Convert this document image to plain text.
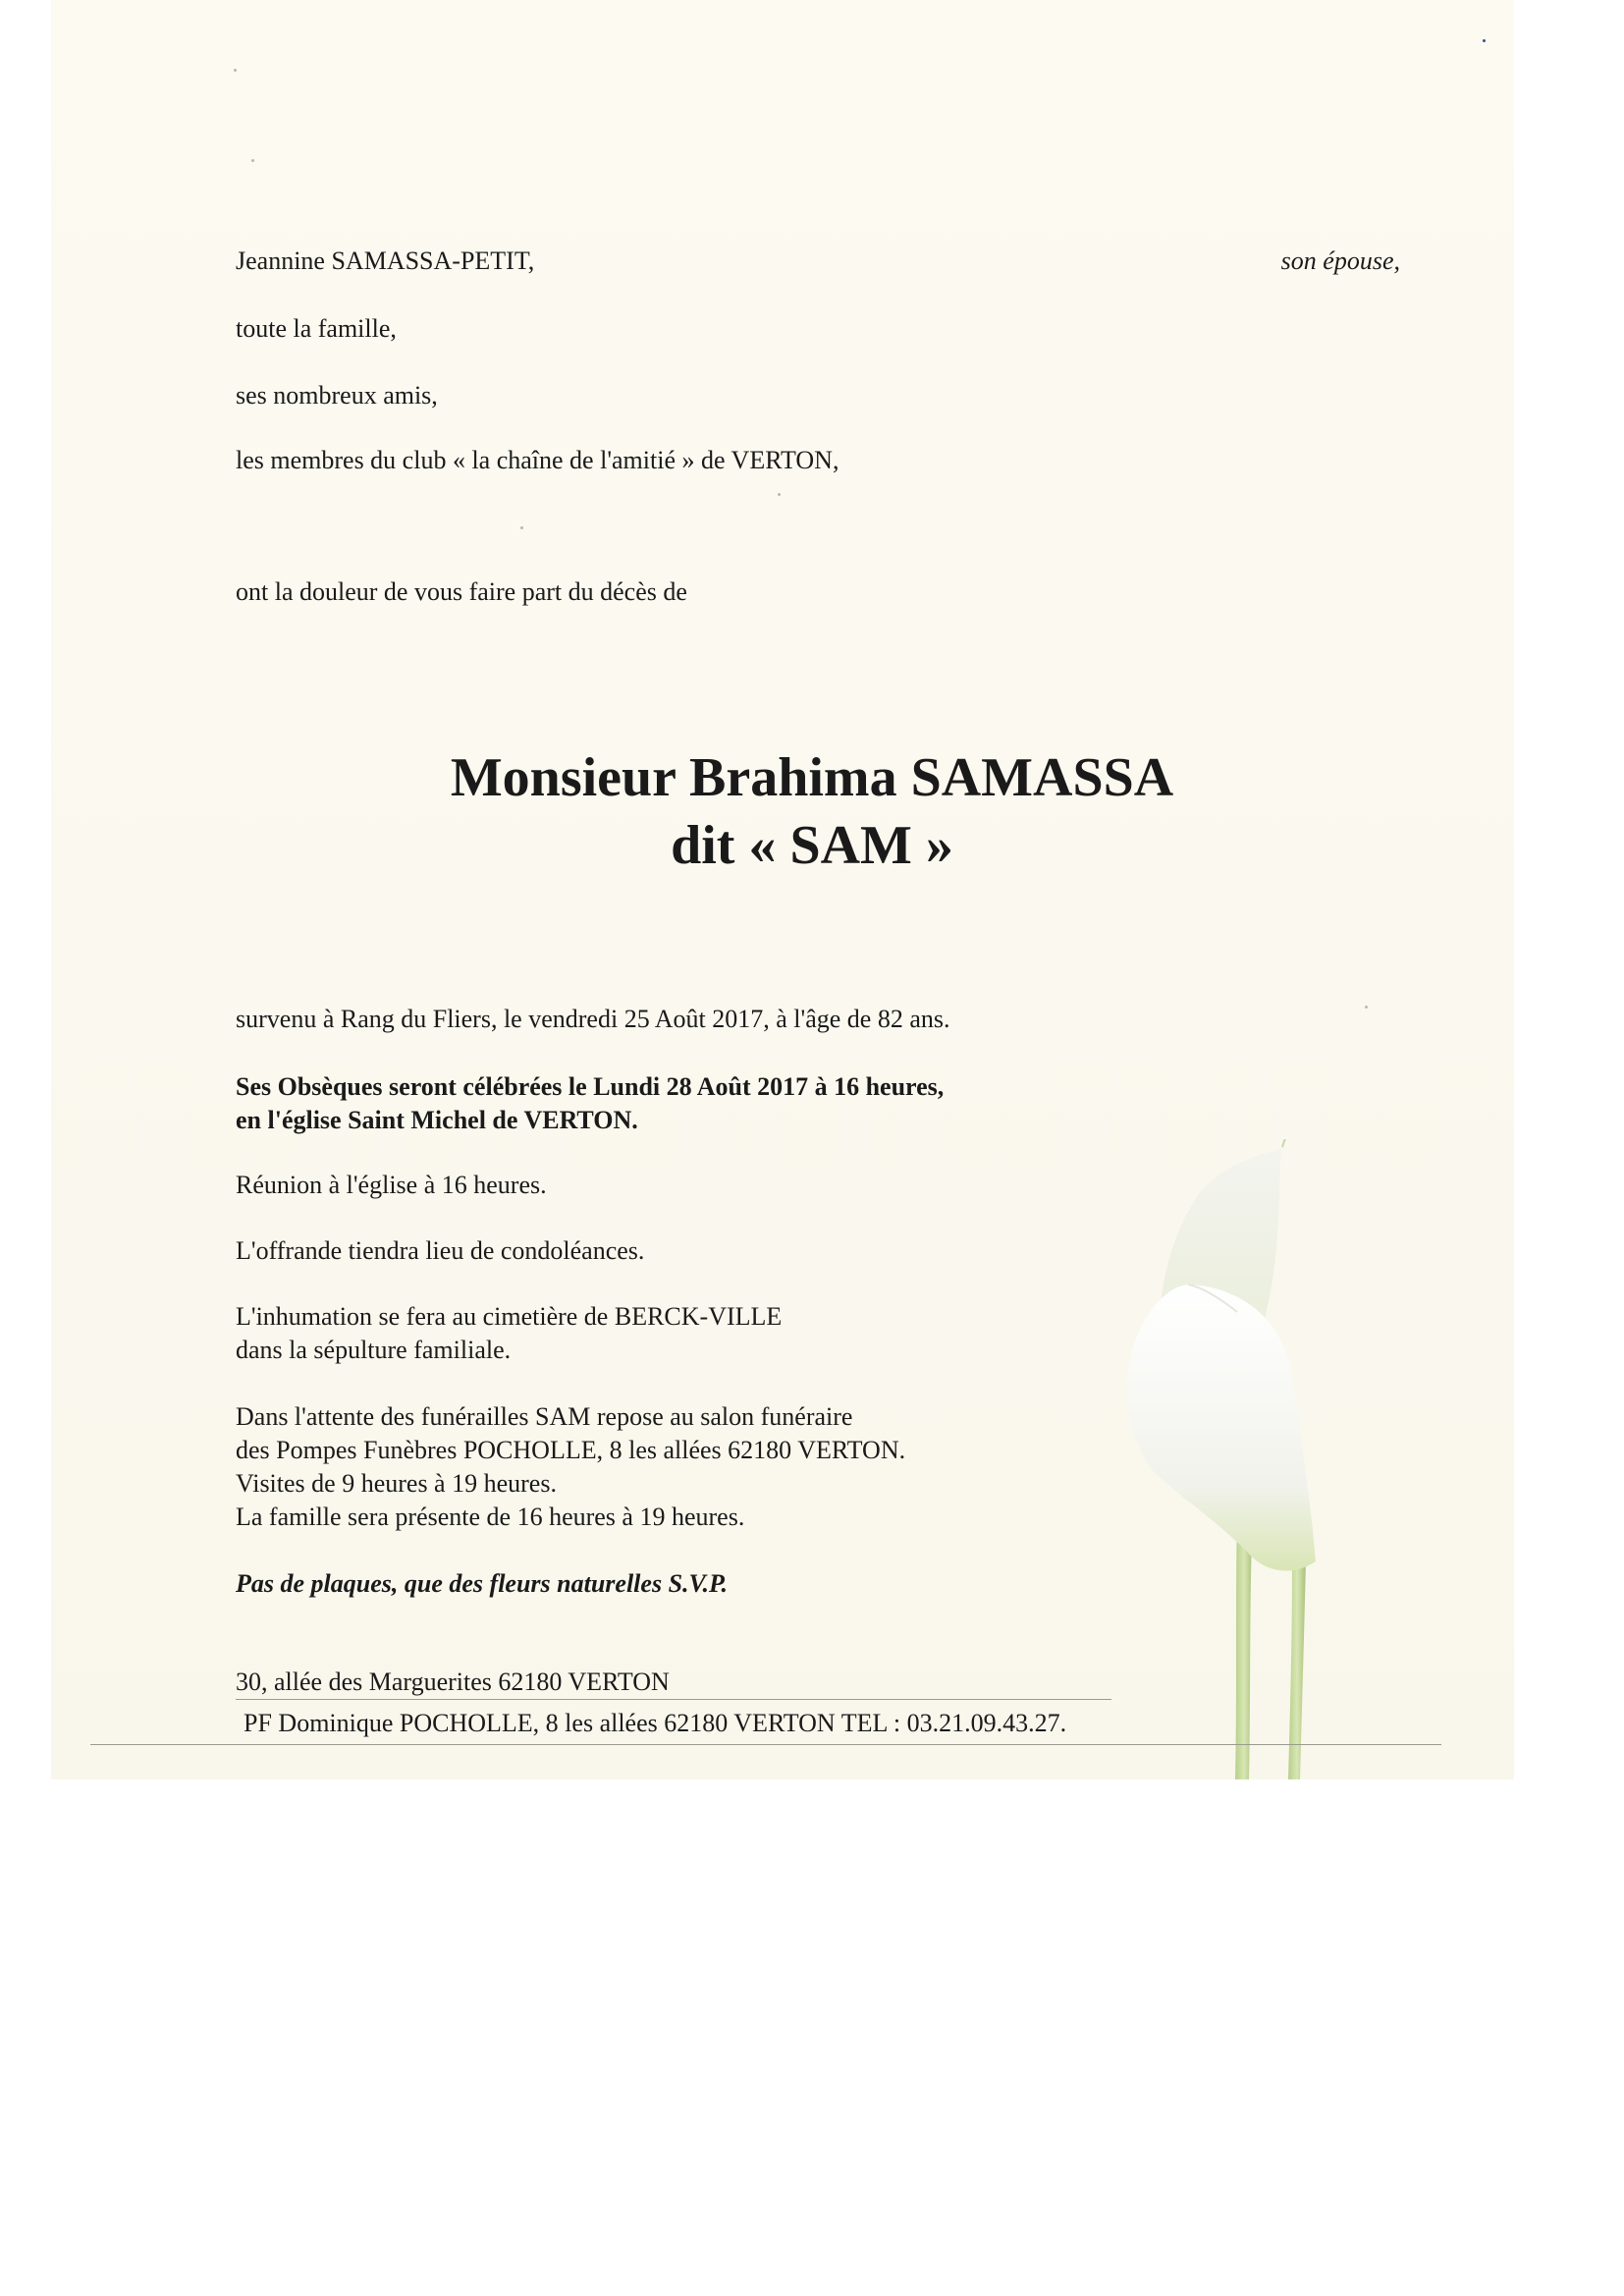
Jeannine SAMASSA-PETIT,	son épouse,
toute la famille,
ses nombreux amis,
les membres du club « la chaîne de l'amitié » de VERTON,
ont la douleur de vous faire part du décès de
Monsieur Brahima SAMASSA
dit « SAM »
survenu à Rang du Fliers, le vendredi 25 Août 2017, à l'âge de 82 ans.
Ses Obsèques seront célébrées le Lundi 28 Août 2017 à 16 heures,
en l'église Saint Michel de VERTON.
Réunion à l'église à 16 heures.
L'offrande tiendra lieu de condoléances.
L'inhumation se fera au cimetière de BERCK-VILLE
dans la sépulture familiale.
Dans l'attente des funérailles SAM repose au salon funéraire
des Pompes Funèbres POCHOLLE, 8 les allées 62180 VERTON.
Visites de 9 heures à 19 heures.
La famille sera présente de 16 heures à 19 heures.
Pas de plaques, que des fleurs naturelles S.V.P.
30, allée des Marguerites 62180 VERTON
PF Dominique POCHOLLE, 8 les allées 62180 VERTON TEL : 03.21.09.43.27.
